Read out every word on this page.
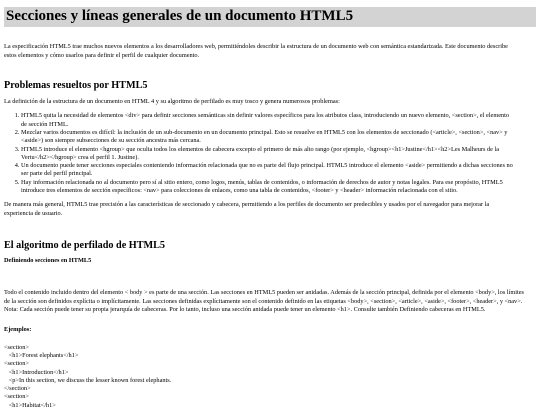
Secciones y líneas generales de un documento HTML5

La especificación HTML5 trae muchos nuevos elementos a los desarrolladores web, permitiéndoles describir la estructura de un documento web con semántica estandarizada. Este documento describe estos elementos y cómo usarlos para definir el perfil de cualquier documento.

Problemas resueltos por HTML5

La definición de la estructura de un documento en HTML 4 y su algoritmo de perfilado es muy tosco y genera numerosos problemas:

1. HTML5 quita la necesidad de elementos <div> para definir secciones semánticas sin definir valores específicos para los atributos class, introduciendo un nuevo elemento, <section>, el elemento de sección HTML.
2. Mezclar varios documentos es difícil: la inclusión de un sub-documento en un documento principal. Esto se resuelve en HTML5 con los elementos de seccionado (<article>, <section>, <nav> y <aside>) son siempre subsecciones de su sección ancestra más cercana.
3. HTML5 introduce el elemento <hgroup> que oculta todos los elementos de cabecera excepto el primero de más alto rango (por ejemplo, <hgroup><h1>Justine</h1><h2>Les Malheurs de la Vertu</h2></hgroup> crea el perfil 1. Justine).
4. Un documento puede tener secciones especiales conteniendo información relacionada que no es parte del flujo principal. HTML5 introduce el elemento <aside> permitiendo a dichas secciones no ser parte del perfil principal.
5. Hay información relacionada no al documento pero sí al sitio entero, como logos, menús, tablas de contenidos, o información de derechos de autor y notas legales. Para ese propósito, HTML5 introduce tres elementos de sección específicos: <nav> para colecciones de enlaces, como una tabla de contenidos, <footer> y <header> información relacionada con el sitio.

De manera más general, HTML5 trae precisión a las características de seccionado y cabecera, permitiendo a los perfiles de documento ser predecibles y usados por el navegador para mejorar la experiencia de usuario.

El algoritmo de perfilado de HTML5
Definiendo secciones en HTML5

Todo el contenido incluido dentro del elemento < body > es parte de una sección. Las secciones en HTML5 pueden ser anidadas. Además de la sección principal, definida por el elemento <body>, los límites de la sección son definidos explícita o implícitamente. Las secciones definidas explícitamente son el contenido definido en las etiquetas <body>, <section>, <article>, <aside>, <footer>, <header>, y <nav>. Nota: Cada sección puede tener su propia jerarquía de cabeceras. Por lo tanto, incluso una sección anidada puede tener un elemento <h1>. Consulte también Definiendo cabeceras en HTML5.

Ejemplos:

<section>
<h1>Forest elephants</h1>
<section>
<h1>Introduction</h1>
<p>In this section, we discuss the lesser known forest elephants.
</section>
<section>
<h1>Habitat</h1>
